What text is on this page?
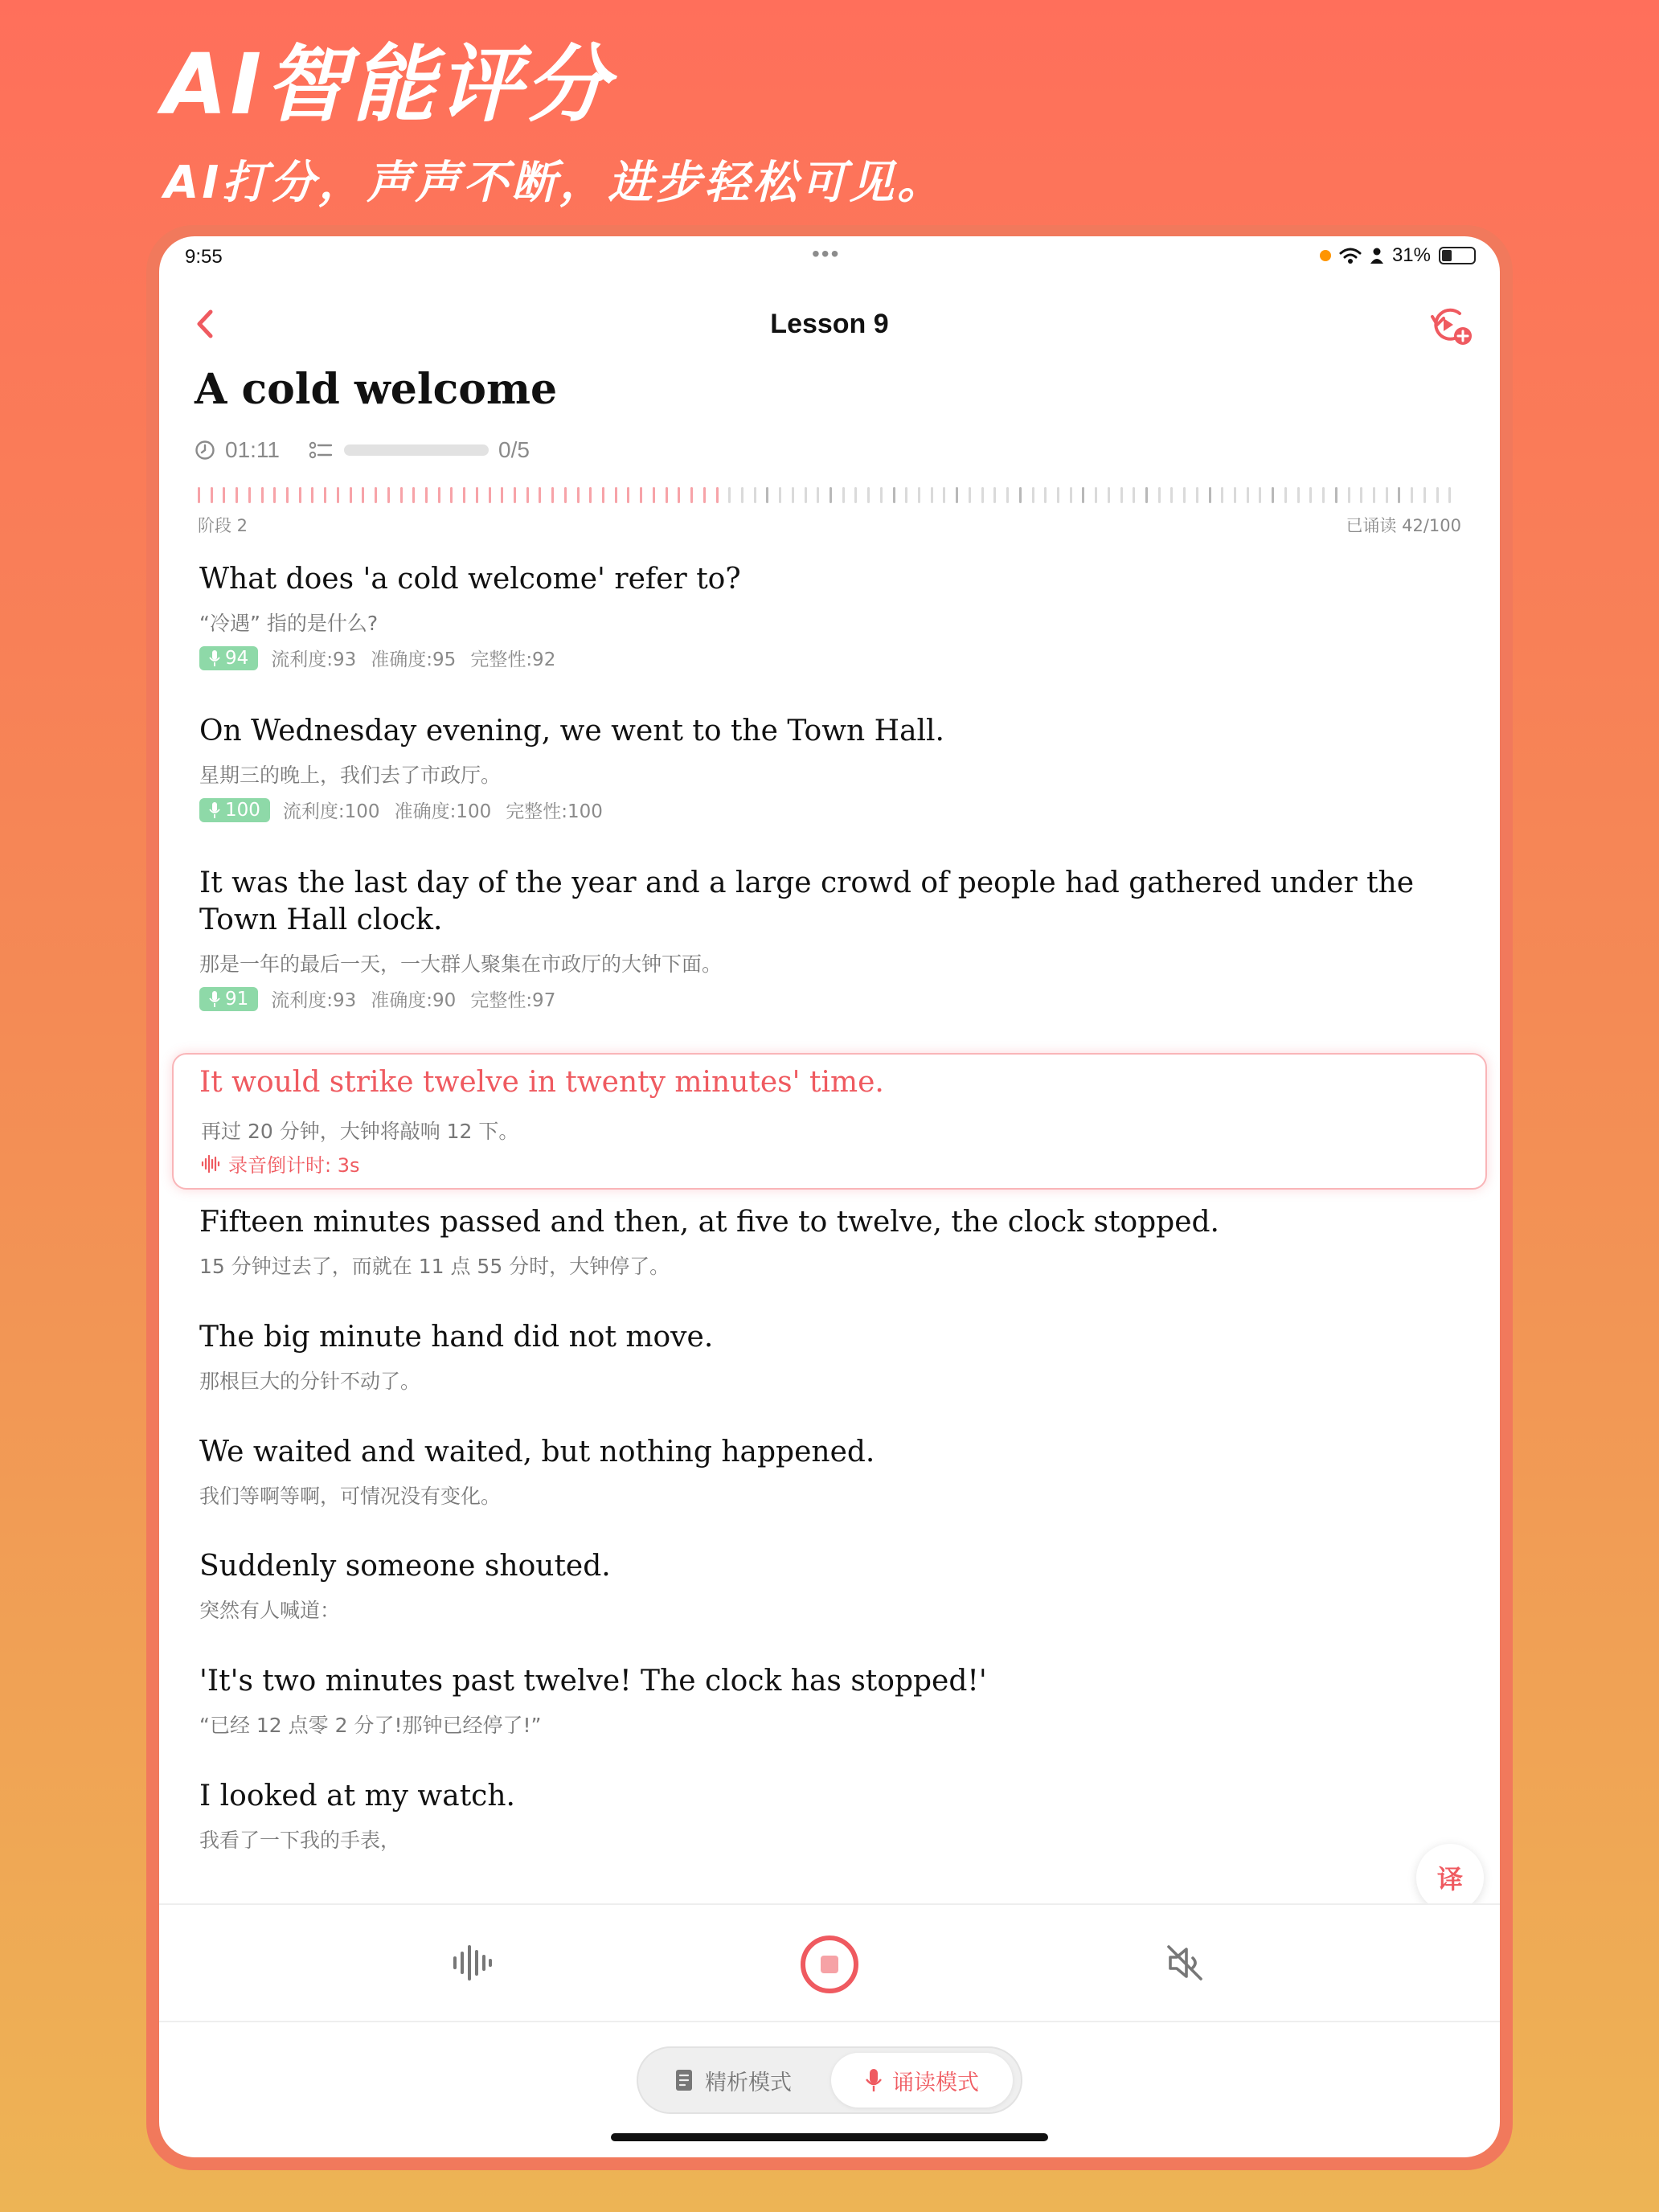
AI智能评分
AI打分，声声不断，进步轻松可见。
9:55	•••	31%
Lesson 9
A cold welcome
01:11	0/5
阶段 2	已诵读 42/100

What does 'a cold welcome' refer to?

“冷遇” 指的是什么?

94 流利度:93 准确度:95 完整性:92

On Wednesday evening, we went to the Town Hall.

星期三的晚上，我们去了市政厅。

100 流利度:100 准确度:100 完整性:100

It was the last day of the year and a large crowd of people had gathered under the Town Hall clock.

那是一年的最后一天，一大群人聚集在市政厅的大钟下面。

91 流利度:93 准确度:90 完整性:97

It would strike twelve in twenty minutes' time.

再过 20 分钟，大钟将敲响 12 下。

录音倒计时: 3s

Fifteen minutes passed and then, at five to twelve, the clock stopped.

15 分钟过去了，而就在 11 点 55 分时，大钟停了。

The big minute hand did not move.

那根巨大的分针不动了。

We waited and waited, but nothing happened.

我们等啊等啊，可情况没有变化。

Suddenly someone shouted.

突然有人喊道：

'It's two minutes past twelve! The clock has stopped!'

“已经 12 点零 2 分了!那钟已经停了!”

I looked at my watch.

我看了一下我的手表，

译
精析模式	诵读模式
